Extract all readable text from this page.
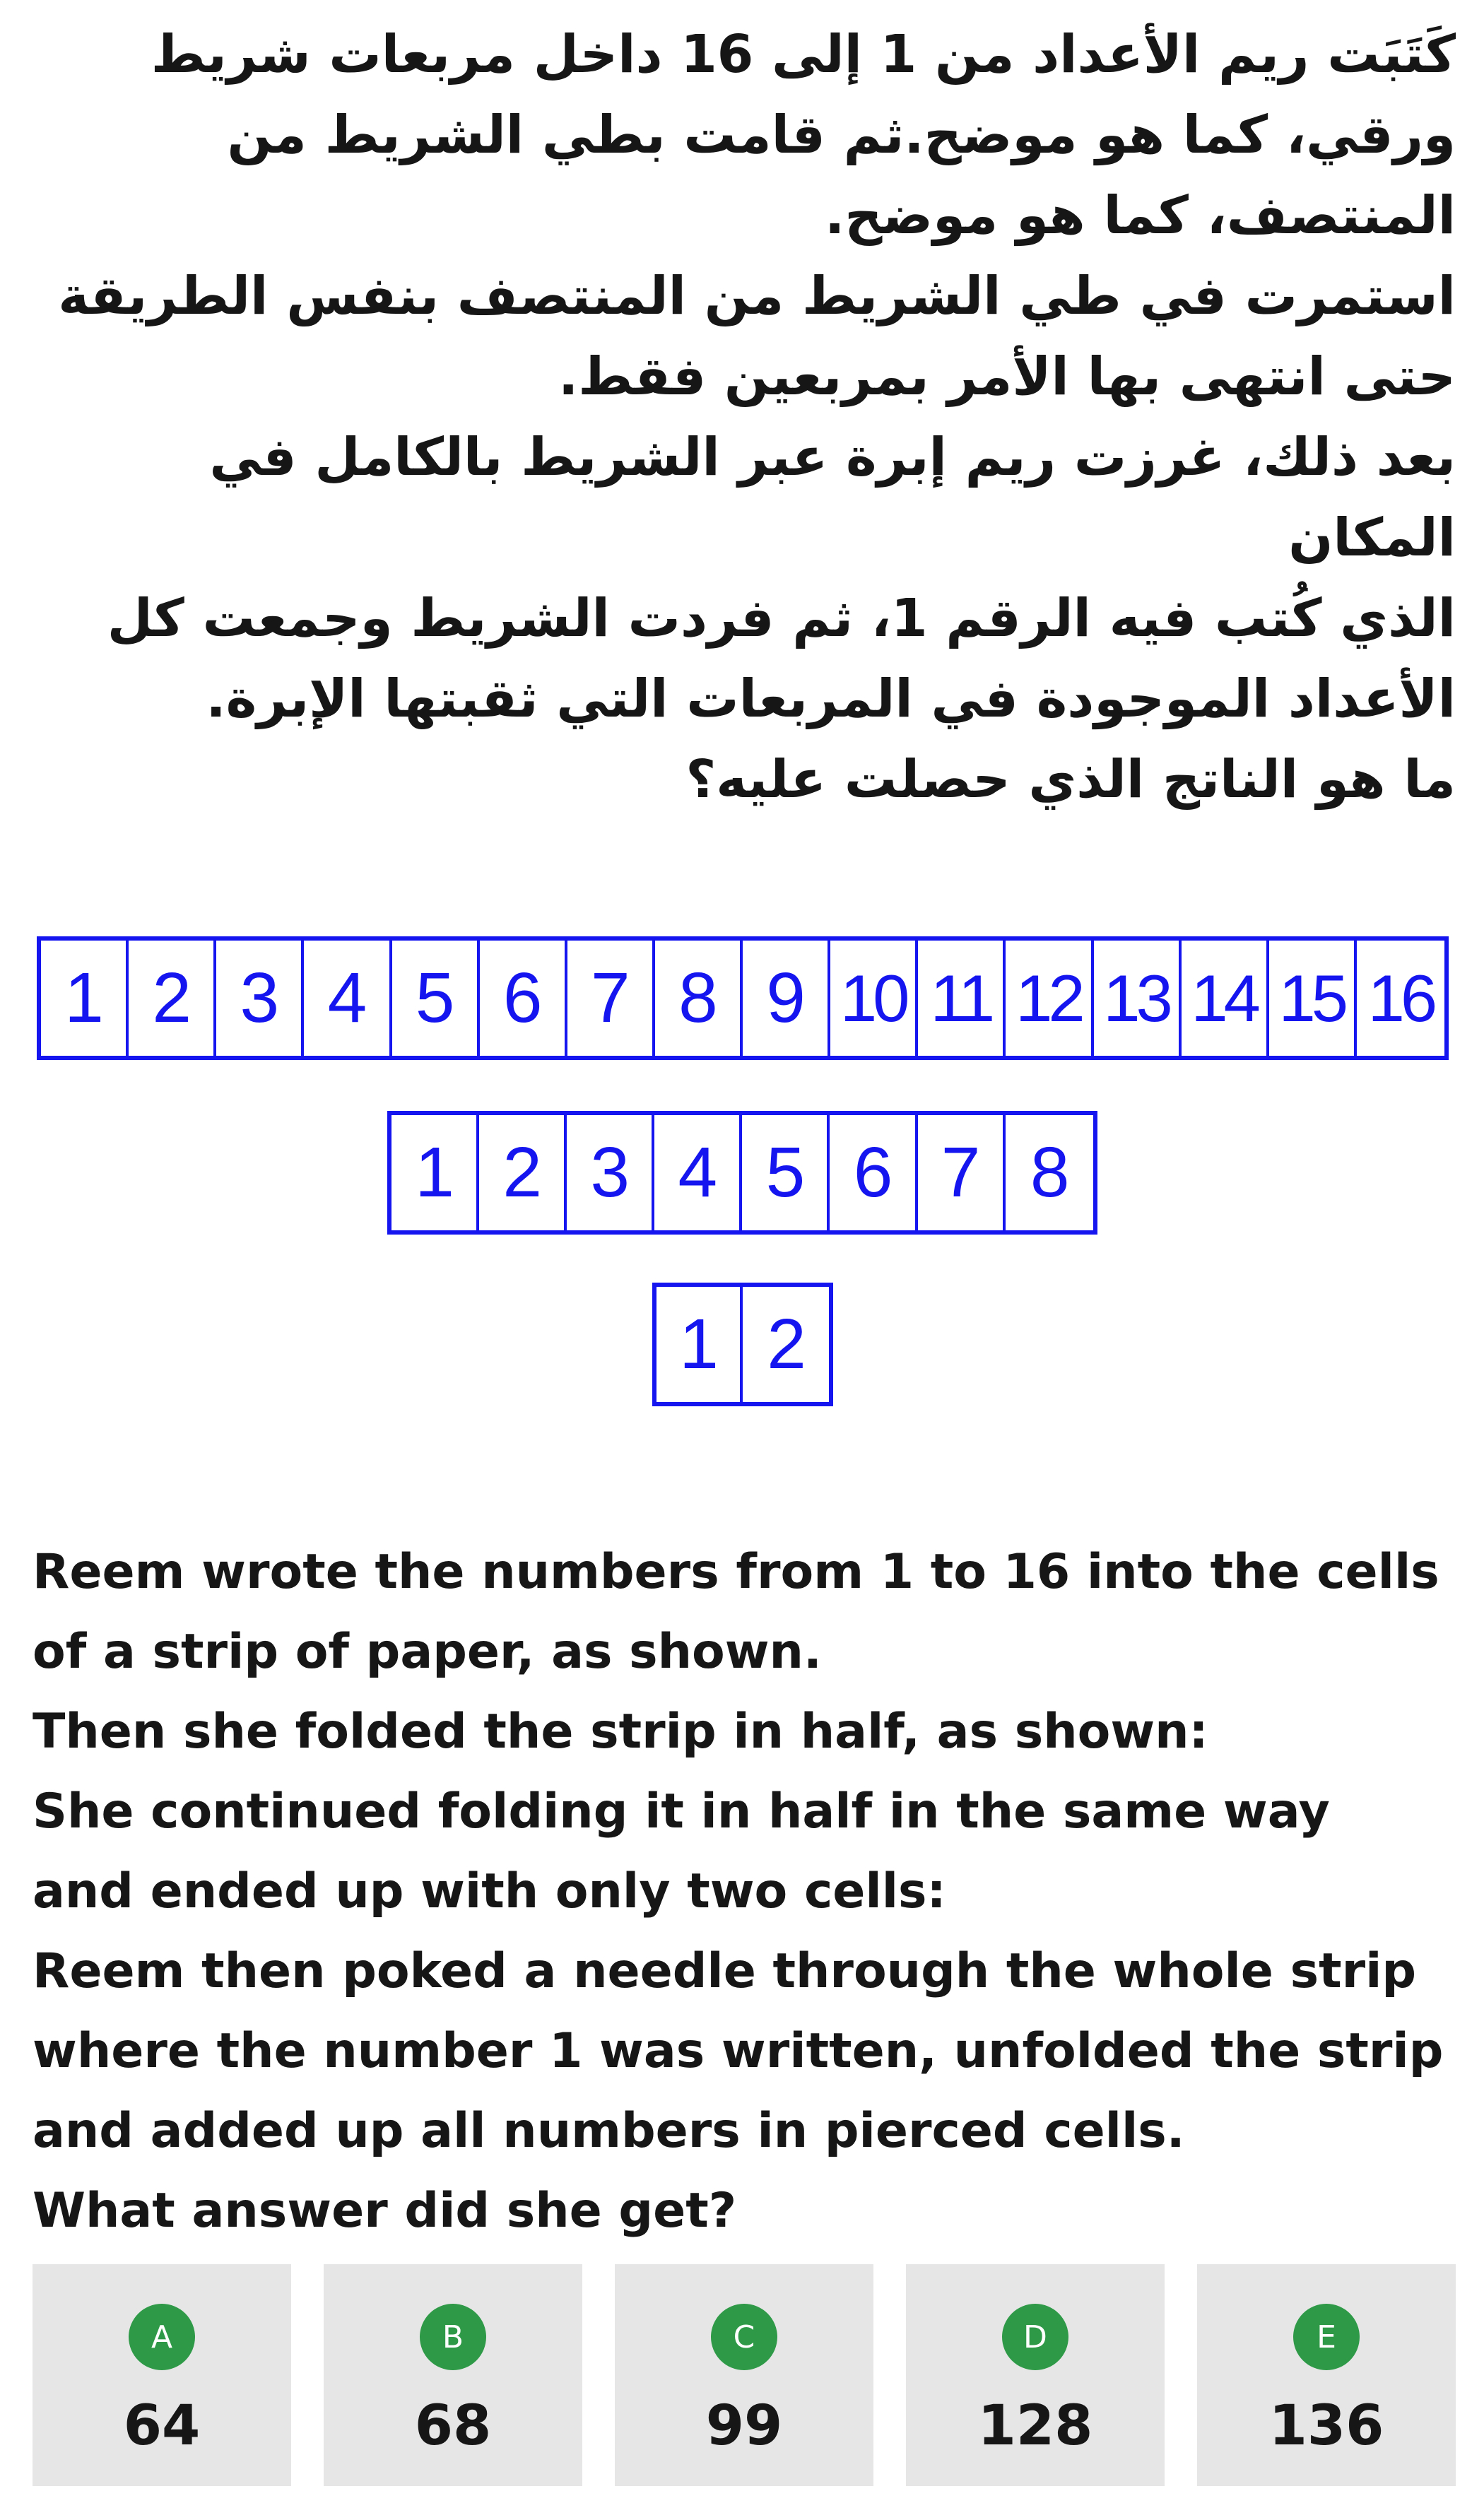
كَتَبَت ريم الأعداد من 1 إلى 16 داخل مربعات شريط

ورقي، كما هو موضح.ثم قامت بطي الشريط من

المنتصف، كما هو موضح.

استمرت في طي الشريط من المنتصف بنفس الطريقة

حتى انتهى بها الأمر بمربعين فقط.

بعد ذلك، غرزت ريم إبرة عبر الشريط بالكامل في المكان

الذي كُتب فيه الرقم 1، ثم فردت الشريط وجمعت كل

الأعداد الموجودة في المربعات التي ثقبتها الإبرة.

ما هو الناتج الذي حصلت عليه؟

1 2 3 4 5 6 7 8 9 10 11 12 13 14 15 16
1 2 3 4 5 6 7 8
1 2

Reem wrote the numbers from 1 to 16 into the cells

of a strip of paper, as shown.

Then she folded the strip in half, as shown:

She continued folding it in half in the same way

and ended up with only two cells:

Reem then poked a needle through the whole strip

where the number 1 was written, unfolded the strip

and added up all numbers in pierced cells.

What answer did she get?

A
64
B
68
C
99
D
128
E
136
